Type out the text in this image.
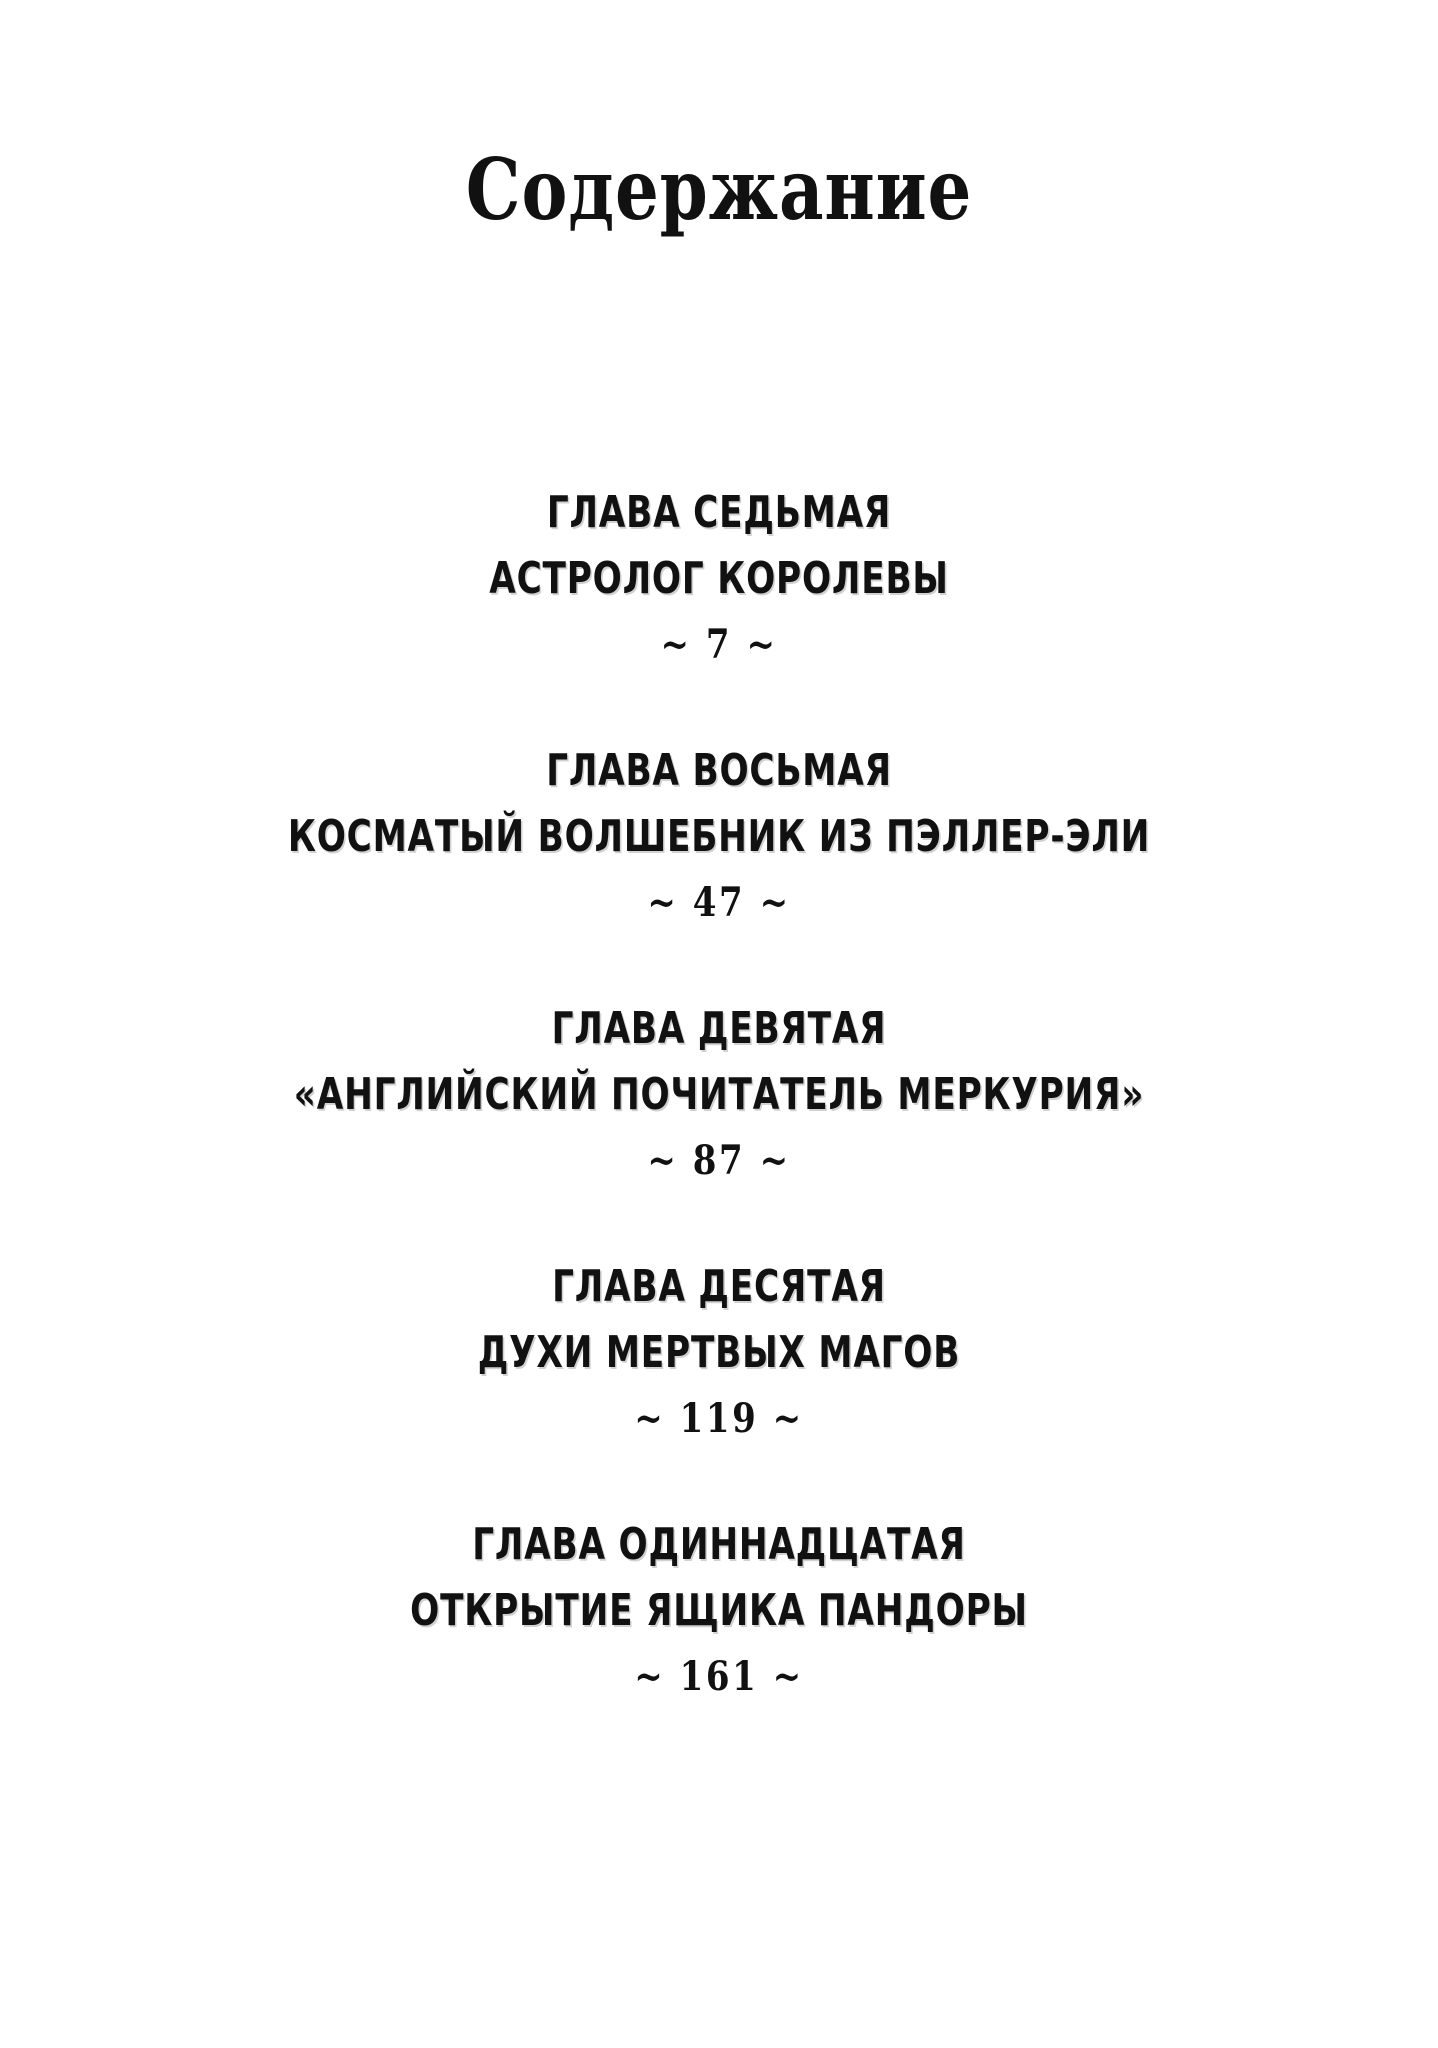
Содержание
ГЛАВА СЕДЬМАЯ
АСТРОЛОГ КОРОЛЕВЫ
~ 7 ~
ГЛАВА ВОСЬМАЯ
КОСМАТЫЙ ВОЛШЕБНИК ИЗ ПЭЛЛЕР-ЭЛИ
~ 47 ~
ГЛАВА ДЕВЯТАЯ
«АНГЛИЙСКИЙ ПОЧИТАТЕЛЬ МЕРКУРИЯ»
~ 87 ~
ГЛАВА ДЕСЯТАЯ
ДУХИ МЕРТВЫХ МАГОВ
~ 119 ~
ГЛАВА ОДИННАДЦАТАЯ
ОТКРЫТИЕ ЯЩИКА ПАНДОРЫ
~ 161 ~
